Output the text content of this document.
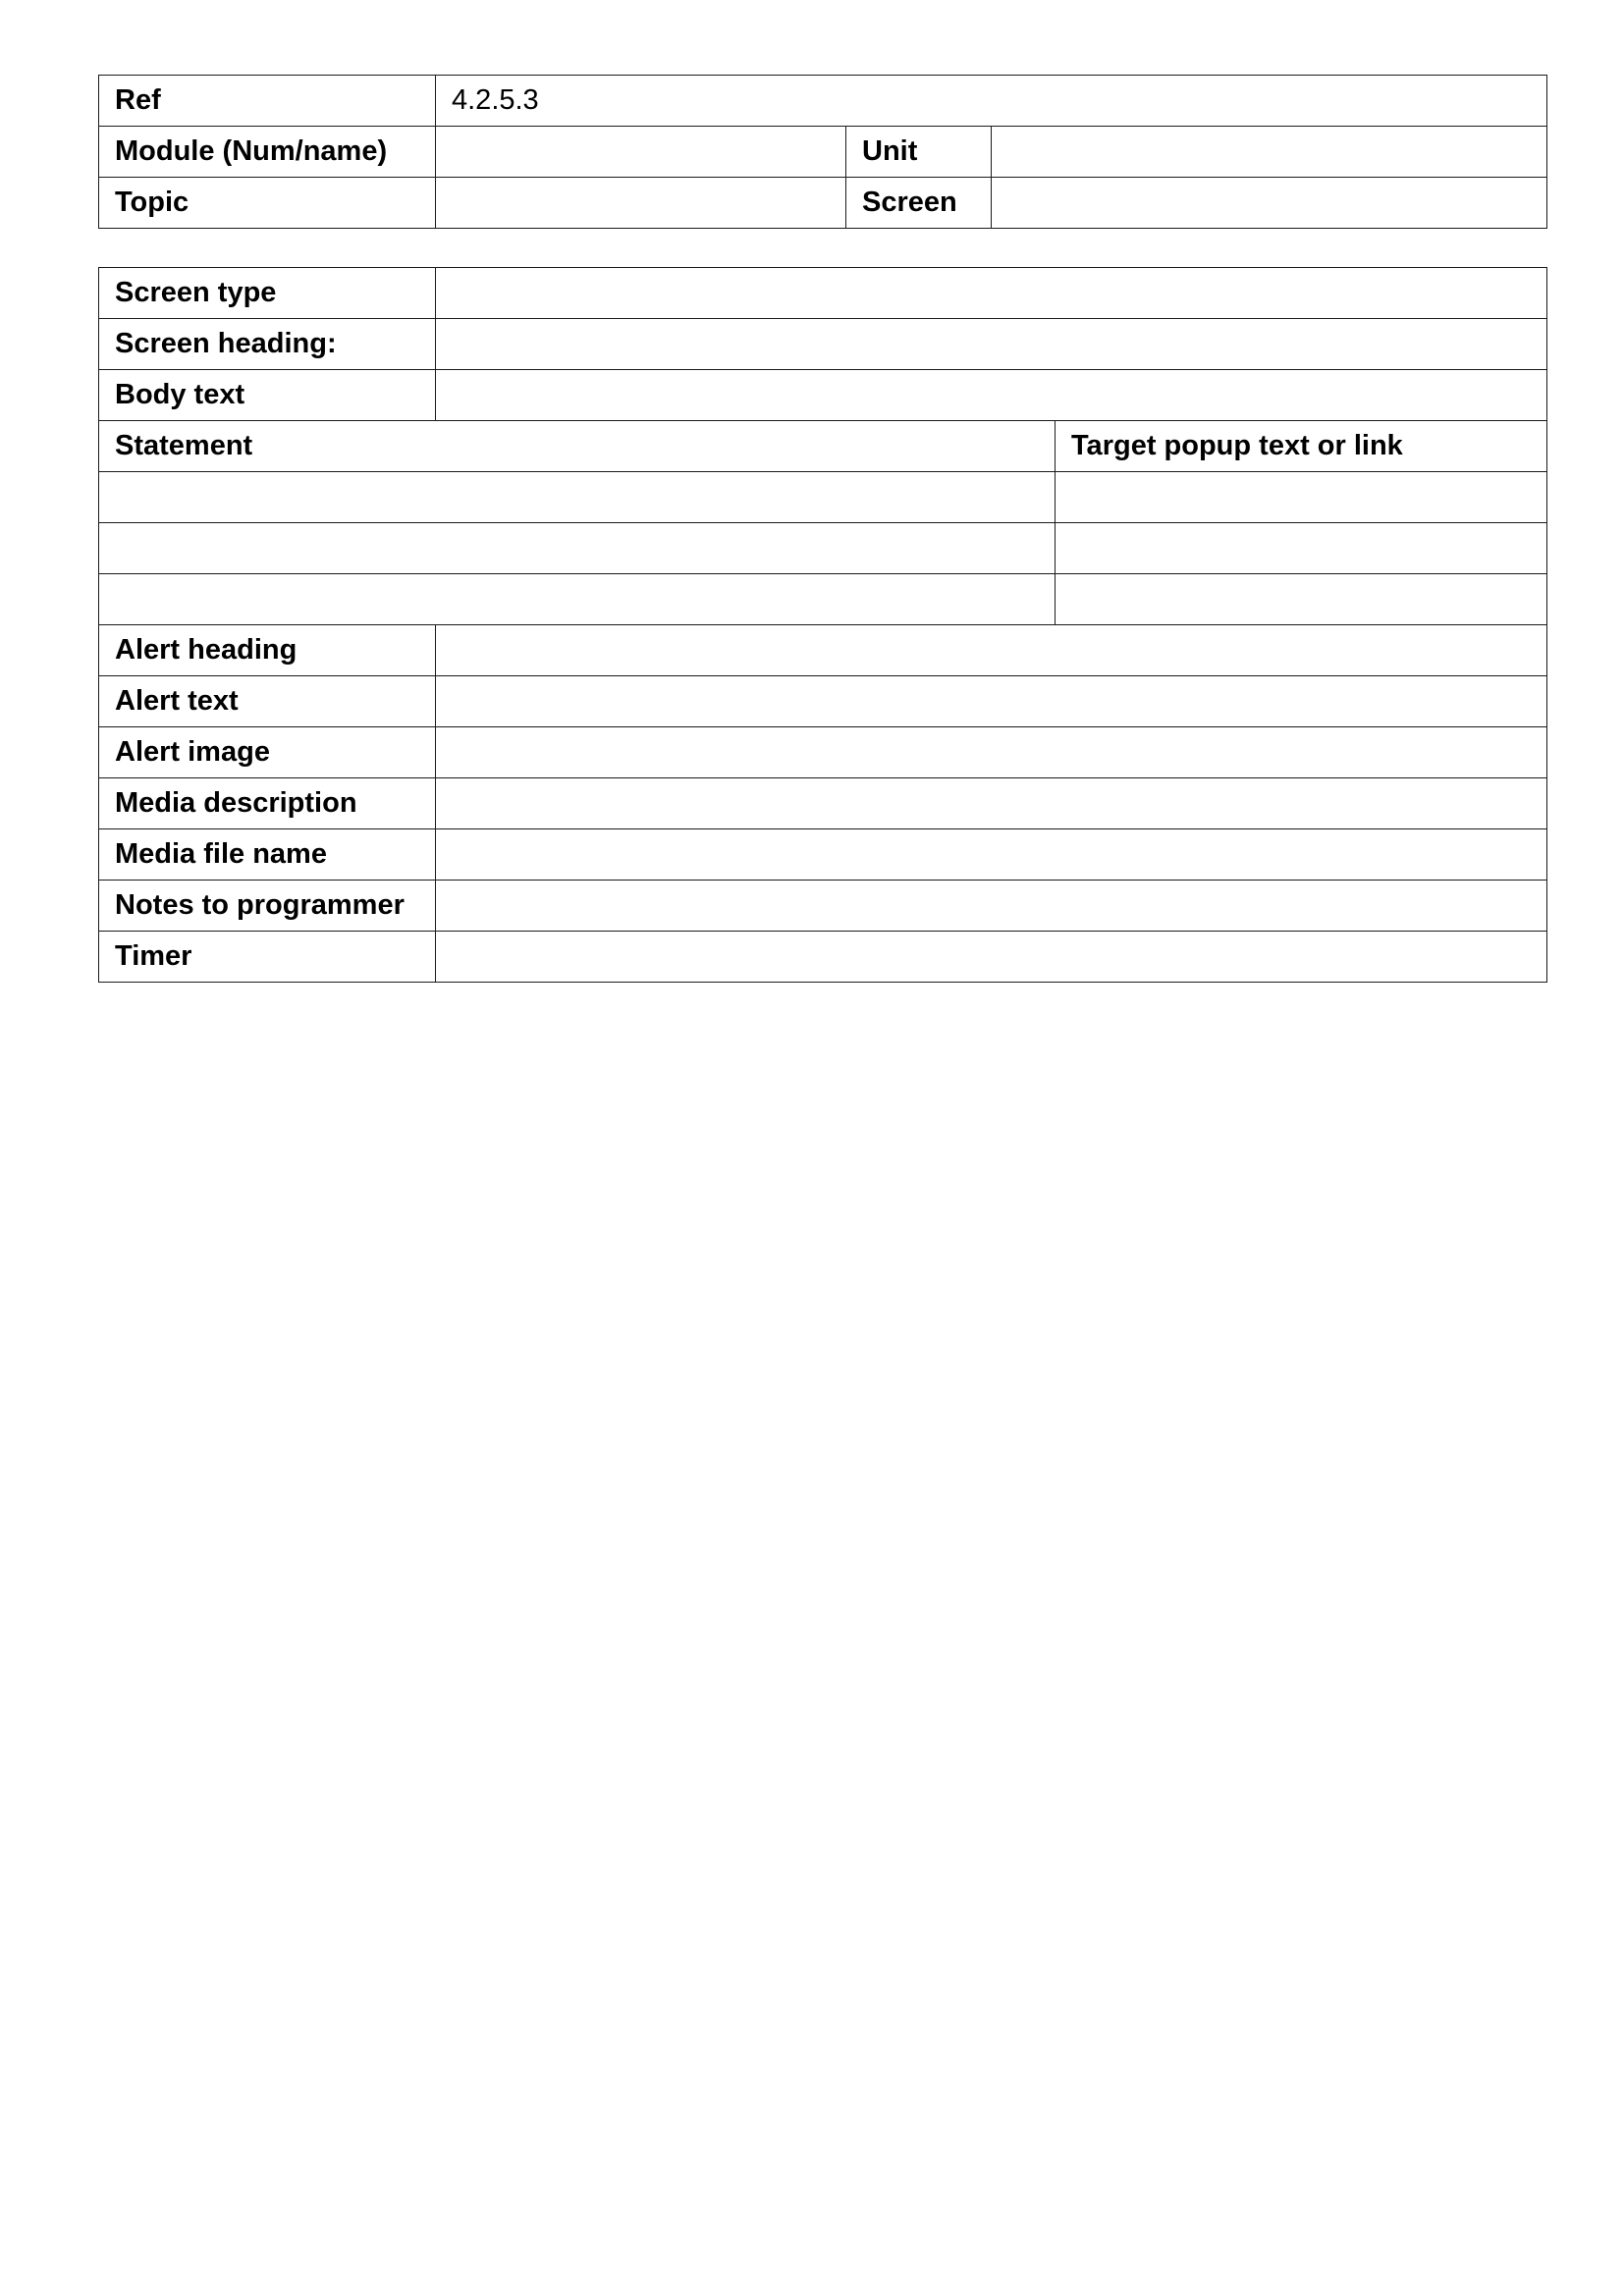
Ref	4.2.5.3		
Module (Num/name)		Unit	
Topic		Screen	
Screen type		
Screen heading:		
Body text		
Statement		Target popup text or link

Alert heading		
Alert text		
Alert image		
Media description		
Media file name		
Notes to programmer		
Timer		
